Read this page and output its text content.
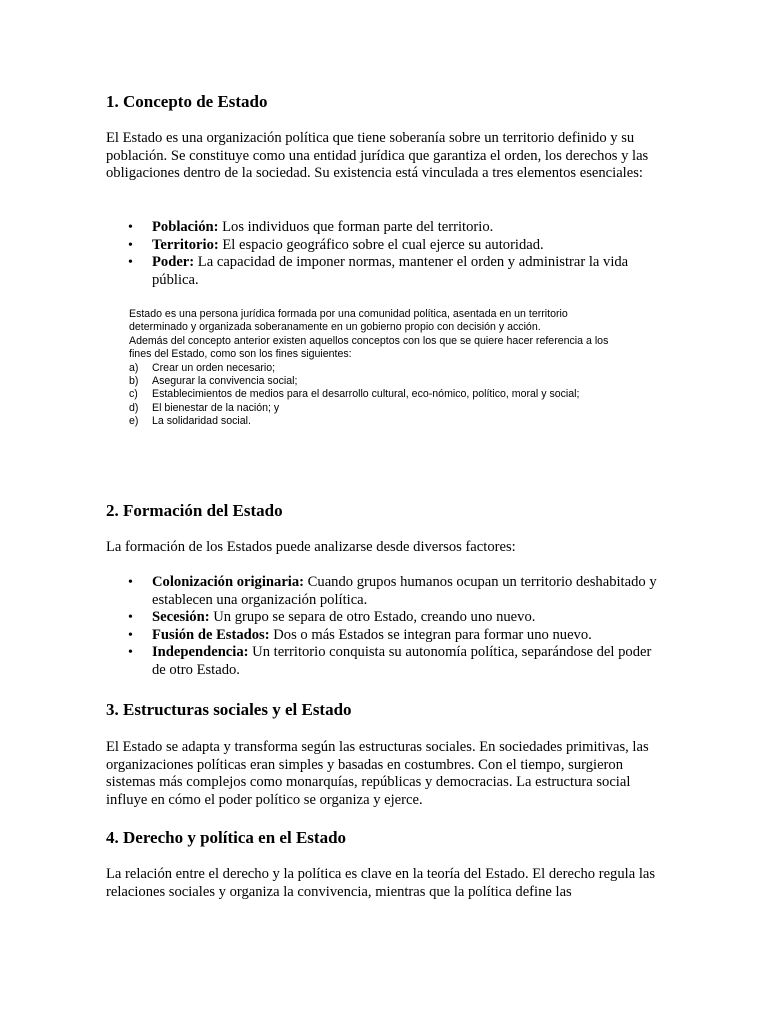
1. Concepto de Estado

El Estado es una organización política que tiene soberanía sobre un territorio definido y su población. Se constituye como una entidad jurídica que garantiza el orden, los derechos y las obligaciones dentro de la sociedad. Su existencia está vinculada a tres elementos esenciales:

• Población: Los individuos que forman parte del territorio.
• Territorio: El espacio geográfico sobre el cual ejerce su autoridad.
• Poder: La capacidad de imponer normas, mantener el orden y administrar la vida pública.
Estado es una persona jurídica formada por una comunidad política, asentada en un territorio
determinado y organizada soberanamente en un gobierno propio con decisión y acción.
Además del concepto anterior existen aquellos conceptos con los que se quiere hacer referencia a los
fines del Estado, como son los fines siguientes:
a)	Crear un orden necesario;
b)	Asegurar la convivencia social;
c)	Establecimientos de medios para el desarrollo cultural, eco-nómico, político, moral y social;
d)	El bienestar de la nación; y
e)	La solidaridad social.
2. Formación del Estado

La formación de los Estados puede analizarse desde diversos factores:

• Colonización originaria: Cuando grupos humanos ocupan un territorio deshabitado y establecen una organización política.
• Secesión: Un grupo se separa de otro Estado, creando uno nuevo.
• Fusión de Estados: Dos o más Estados se integran para formar uno nuevo.
• Independencia: Un territorio conquista su autonomía política, separándose del poder de otro Estado.
3. Estructuras sociales y el Estado

El Estado se adapta y transforma según las estructuras sociales. En sociedades primitivas, las organizaciones políticas eran simples y basadas en costumbres. Con el tiempo, surgieron sistemas más complejos como monarquías, repúblicas y democracias. La estructura social influye en cómo el poder político se organiza y ejerce.

4. Derecho y política en el Estado

La relación entre el derecho y la política es clave en la teoría del Estado. El derecho regula las relaciones sociales y organiza la convivencia, mientras que la política define las
